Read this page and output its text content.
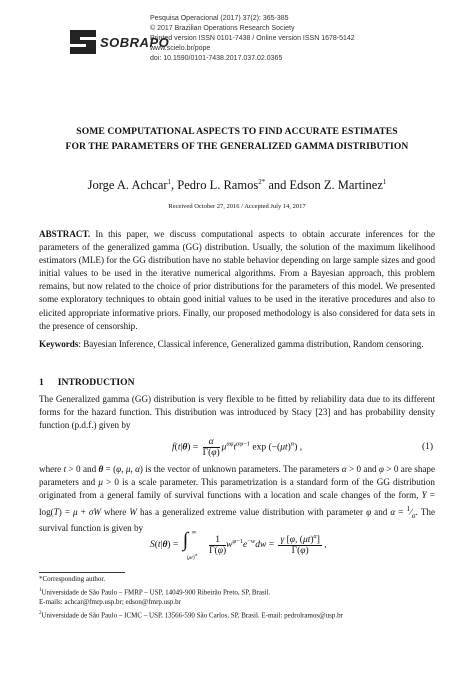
SOBRAPO
Pesquisa Operacional (2017) 37(2): 365-385
© 2017 Brazilian Operations Research Society
Printed version ISSN 0101-7438 / Online version ISSN 1678-5142
www.scielo.br/pope
doi: 10.1590/0101-7438.2017.037.02.0365
SOME COMPUTATIONAL ASPECTS TO FIND ACCURATE ESTIMATES
FOR THE PARAMETERS OF THE GENERALIZED GAMMA DISTRIBUTION
Jorge A. Achcar$^1$, Pedro L. Ramos$^{2*}$ and Edson Z. Martinez$^1$
Received October 27, 2016 / Accepted July 14, 2017
ABSTRACT. In this paper, we discuss computational aspects to obtain accurate inferences for the parameters of the generalized gamma (GG) distribution. Usually, the solution of the maximum likelihood estimators (MLE) for the GG distribution have no stable behavior depending on large sample sizes and good initial values to be used in the iterative numerical algorithms. From a Bayesian approach, this problem remains, but now related to the choice of prior distributions for the parameters of this model. We presented some exploratory techniques to obtain good initial values to be used in the iterative procedures and also to elicited appropriate informative priors. Finally, our proposed methodology is also considered for data sets in the presence of censorship.
Keywords: Bayesian Inference, Classical inference, Generalized gamma distribution, Random censoring.
1 INTRODUCTION
The Generalized gamma (GG) distribution is very flexible to be fitted by reliability data due to its different forms for the hazard function. This distribution was introduced by Stacy [23] and has probability density function (p.d.f.) given by
$f(t|\theta) = \frac{\alpha}{\Gamma(\varphi)} \mu^{\alpha\varphi}t^{\alpha\varphi-1}$ $\exp (-(\mu t)^\alpha)$ ,	(1)
where t > 0 and θ = (φ, μ, α) is the vector of unknown parameters. The parameters α > 0 and φ > 0 are shape parameters and μ > 0 is a scale parameter. This parametrization is a standard form of the GG distribution originated from a general family of survival functions with a location and scale changes of the form, Y = log(T) = μ + σW where W has a generalized extreme value distribution with parameter φ and $\alpha = ^1⁄_\sigma$. The survival function is given by
S(t|θ) = ∫ ∞
$(\mu t)^\alpha$
$\frac{1}{\Gamma(\varphi)} w^{\varphi-1}e^{-w}dw = \frac{\gamma [\varphi, (\mu t)^\alpha]}{\Gamma(\varphi)}$ ,
*Corresponding author.
$^1$Universidade de São Paulo – FMRP – USP, 14049-900 Ribeirão Preto, SP, Brasil.
E-mails: achcar@fmrp.usp.br; edson@fmrp.usp.br
$^2$Universidade de São Paulo – ICMC – USP, 13566-590 São Carlos, SP, Brasil. E-mail: pedrolramos@usp.br
